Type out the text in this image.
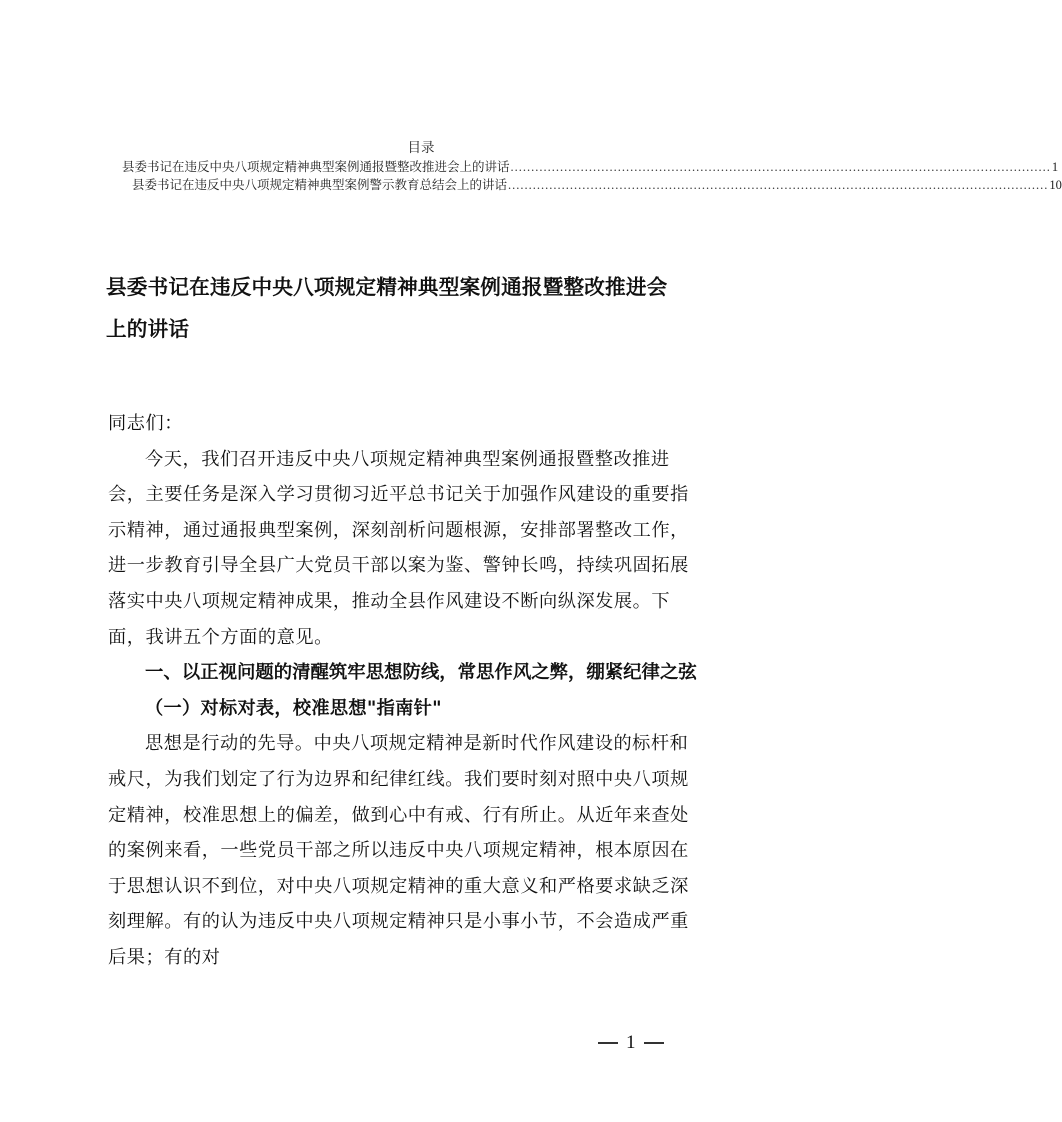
目录
县委书记在违反中央八项规定精神典型案例通报暨整改推进会上的讲话 ................................................................................................................................... 1
县委书记在违反中央八项规定精神典型案例警示教育总结会上的讲话 ................................................................................................................................... 10
县委书记在违反中央八项规定精神典型案例通报暨整改推进会
上的讲话

同志们：

今天，我们召开违反中央八项规定精神典型案例通报暨整改推进会，主要任务是深入学习贯彻习近平总书记关于加强作风建设的重要指示精神，通过通报典型案例，深刻剖析问题根源，安排部署整改工作，进一步教育引导全县广大党员干部以案为鉴、警钟长鸣，持续巩固拓展落实中央八项规定精神成果，推动全县作风建设不断向纵深发展。下面，我讲五个方面的意见。

一、以正视问题的清醒筑牢思想防线，常思作风之弊，绷紧纪律之弦

（一）对标对表，校准思想"指南针"

思想是行动的先导。中央八项规定精神是新时代作风建设的标杆和戒尺，为我们划定了行为边界和纪律红线。我们要时刻对照中央八项规定精神，校准思想上的偏差，做到心中有戒、行有所止。从近年来查处的案例来看，一些党员干部之所以违反中央八项规定精神，根本原因在于思想认识不到位，对中央八项规定精神的重大意义和严格要求缺乏深刻理解。有的认为违反中央八项规定精神只是小事小节，不会造成严重后果；有的对

1
